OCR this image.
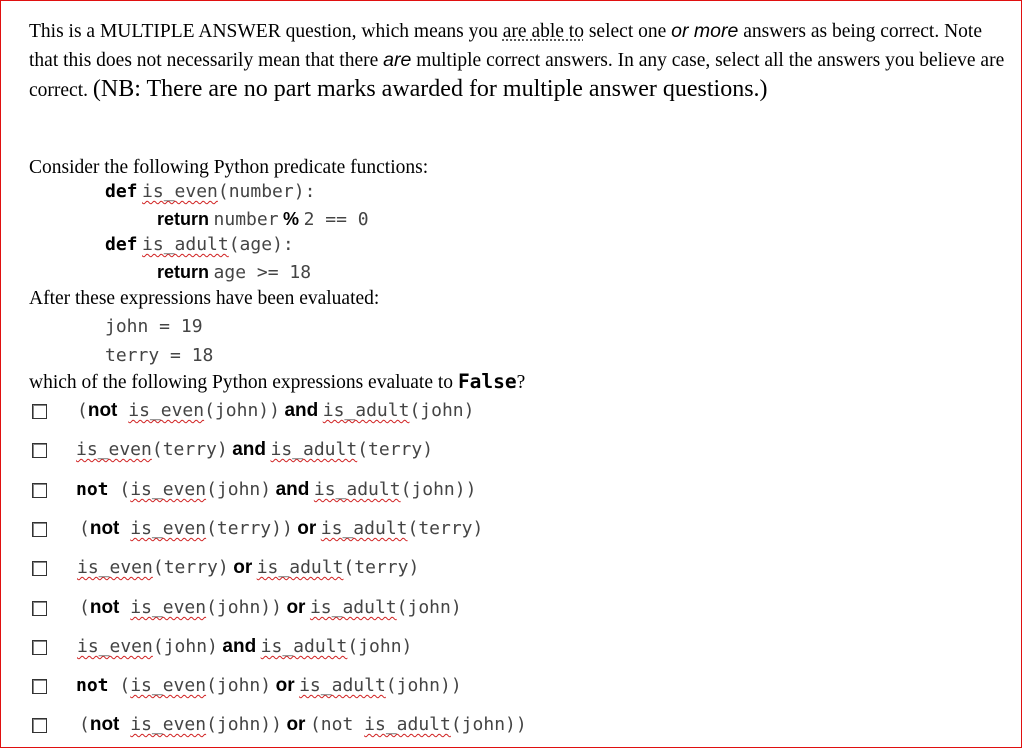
This is a MULTIPLE ANSWER question, which means you are able to select one or more answers as being correct. Note that this does not necessarily mean that there are multiple correct answers. In any case, select all the answers you believe are correct. (NB: There are no part marks awarded for multiple answer questions.)
Consider the following Python predicate functions:
def is_even(number):
return number % 2 == 0
def is_adult(age):
return age >= 18
After these expressions have been evaluated:
john = 19
terry = 18
which of the following Python expressions evaluate to False?
(not is_even(john)) and is_adult(john)
is_even(terry) and is_adult(terry)
not (is_even(john) and is_adult(john))
(not is_even(terry)) or is_adult(terry)
is_even(terry) or is_adult(terry)
(not is_even(john)) or is_adult(john)
is_even(john) and is_adult(john)
not (is_even(john) or is_adult(john))
(not is_even(john)) or (not is_adult(john))
